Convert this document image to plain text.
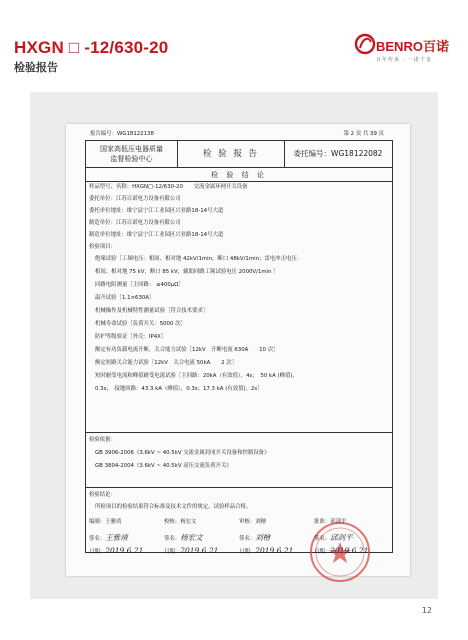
HXGN □ -12/630-20
检验报告
BENRO百诺
百年传承 · 一诺千金
报告编号：WG18122138	第 2 页 共 39 页
国家高低压电器质量
监督检验中心	检 验 报 告	委托编号：WG18122082
检 验 结 论
样品型号、名称：HXGN□-12/630-20　　交流金属环网开关设备
委托单位：江苏百诺电力设备有限公司
委托单位地址：维宁县宁江工业园区兴业路18-14号大道
制造单位：江苏百诺电力设备有限公司
制造单位地址：维宁县宁江工业园区兴业路18-14号大道
检验项目：
绝缘试验［工频电压：相间、相对地 42kV/1min，断口 48kV/1min；雷电冲击电压：
相间、相对地 75 kV，断口 85 kV，辅助回路工频试验电压 2000V/1min ］
回路电阻测量［主回路： ≤400μΩ］
温升试验［1.1×630A］
机械操作及机械特性测量试验［符合技术要求］
机械寿命试验［负荷开关：5000 次］
防护等级验证［外壳：IP4X］
额定有功负载电流开断，关合能力试验［12kV　开断电流 630A　　10 次］
额定短路关合能力试验［12kV　关合电流 50kA　　2 次］
短时耐受电流和峰值耐受电流试验［主回路：20kA（有效值），4s；　50 kA (峰值)，
0.3s；　接地回路：43.3 kA（峰值），0.3s；17.3 kA (有效值)，2s］
检验依据：
GB 3906-2006《3.6kV ~ 40.5kV 交流金属封闭开关设备和控制设备》
GB 3804-2004《3.6kV ~ 40.5kV 高压交流负荷开关》
检验结论：
所检项目的检验结果符合标准及技术文件的规定，试验样品合格。
编制：王雅靖	校核：杨宏文	审核：刘檜	批准：邱剑平
签名：王雅靖	签名：杨宏文	签名：刘檜	签名：邱剑平
日期：2019.6.21	日期：2019.6.21	日期：2019.6.21	日期：2019.6.21
12
